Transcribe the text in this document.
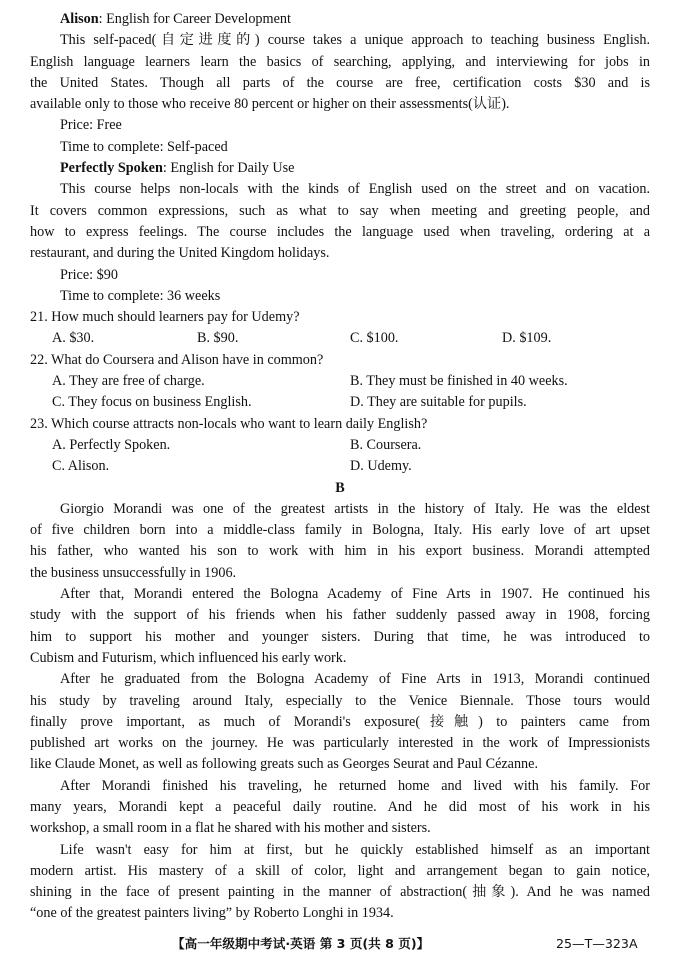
Alison: English for Career Development
This self-paced(自定进度的) course takes a unique approach to teaching business English.
English language learners learn the basics of searching, applying, and interviewing for jobs in
the United States. Though all parts of the course are free, certification costs $30 and is
available only to those who receive 80 percent or higher on their assessments(认证).
Price: Free
Time to complete: Self-paced
Perfectly Spoken: English for Daily Use
This course helps non-locals with the kinds of English used on the street and on vacation.
It covers common expressions, such as what to say when meeting and greeting people, and
how to express feelings. The course includes the language used when traveling, ordering at a
restaurant, and during the United Kingdom holidays.
Price: $90
Time to complete: 36 weeks
21. How much should learners pay for Udemy?
A. $30.	B. $90.	C. $100.	D. $109.
22. What do Coursera and Alison have in common?
A. They are free of charge.	B. They must be finished in 40 weeks.
C. They focus on business English.	D. They are suitable for pupils.
23. Which course attracts non-locals who want to learn daily English?
A. Perfectly Spoken.	B. Coursera.
C. Alison.	D. Udemy.
B
Giorgio Morandi was one of the greatest artists in the history of Italy. He was the eldest
of five children born into a middle-class family in Bologna, Italy. His early love of art upset
his father, who wanted his son to work with him in his export business. Morandi attempted
the business unsuccessfully in 1906.
After that, Morandi entered the Bologna Academy of Fine Arts in 1907. He continued his
study with the support of his friends when his father suddenly passed away in 1908, forcing
him to support his mother and younger sisters. During that time, he was introduced to
Cubism and Futurism, which influenced his early work.
After he graduated from the Bologna Academy of Fine Arts in 1913, Morandi continued
his study by traveling around Italy, especially to the Venice Biennale. Those tours would
finally prove important, as much of Morandi's exposure(接触) to painters came from
published art works on the journey. He was particularly interested in the work of Impressionists
like Claude Monet, as well as following greats such as Georges Seurat and Paul Cézanne.
After Morandi finished his traveling, he returned home and lived with his family. For
many years, Morandi kept a peaceful daily routine. And he did most of his work in his
workshop, a small room in a flat he shared with his mother and sisters.
Life wasn't easy for him at first, but he quickly established himself as an important
modern artist. His mastery of a skill of color, light and arrangement began to gain notice,
shining in the face of present painting in the manner of abstraction(抽象). And he was named
“one of the greatest painters living” by Roberto Longhi in 1934.
【高一年级期中考试·英语 第 3 页(共 8 页)】	25—T—323A
